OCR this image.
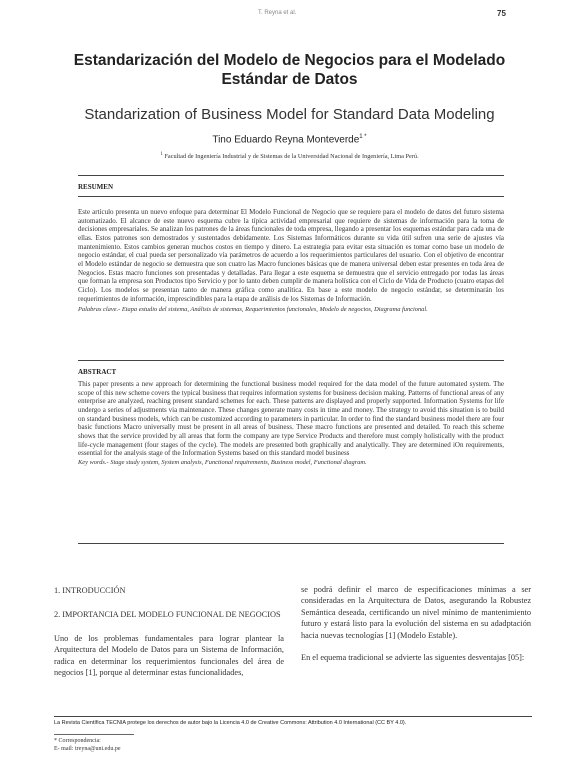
T. Reyna et al.	75
Estandarización del Modelo de Negocios para el Modelado
Estándar de Datos
Standarization of Business Model for Standard Data Modeling
Tino Eduardo Reyna Monteverde$^{1 *}$
$^1$ Facultad de Ingeniería Industrial y de Sistemas de la Universidad Nacional de Ingeniería, Lima Perú.
RESUMEN

Este artículo presenta un nuevo enfoque para determinar El Modelo Funcional de Negocio que se requiere para el modelo de datos del futuro sistema automatizado. El alcance de este nuevo esquema cubre la típica actividad empresarial que requiere de sistemas de información para la toma de decisiones empresariales. Se analizan los patrones de la áreas funcionales de toda empresa, llegando a presentar los esquemas estándar para cada una de ellas. Estos patrones son demostrados y sustentados debidamente. Los Sistemas Informáticos durante su vida útil sufren una serie de ajustes vía mantenimiento. Estos cambios generan muchos costos en tiempo y dinero. La estrategia para evitar esta situación es tomar como base un modelo de negocio estándar, el cual pueda ser personalizado vía parámetros de acuerdo a los requerimientos particulares del usuario. Con el objetivo de encontrar el Modelo estándar de negocio se demuestra que son cuatro las Macro funciones básicas que de manera universal deben estar presentes en toda área de Negocios. Estas macro funciones son presentadas y detalladas. Para llegar a este esquema se demuestra que el servicio entregado por todas las áreas que forman la empresa son Productos tipo Servicio y por lo tanto deben cumplir de manera holística con el Ciclo de Vida de Producto (cuatro etapas del Ciclo). Los modelos se presentan tanto de manera gráfica como analítica. En base a este modelo de negocio estándar, se determinarán los requerimientos de información, imprescindibles para la etapa de análisis de los Sistemas de Información.

Palabras clave.- Etapa estudio del sistema, Análisis de sistemas, Requerimientos funcionales, Modelo de negocios, Diagrama funcional.

ABSTRACT

This paper presents a new approach for determining the functional business model required for the data model of the future automated system. The scope of this new scheme covers the typical business that requires information systems for business decision making. Patterns of functional areas of any enterprise are analyzed, reaching present standard schemes for each. These patterns are displayed and properly supported. Information Systems for life undergo a series of adjustments via maintenance. These changes generate many costs in time and money. The strategy to avoid this situation is to build on standard business models, which can be customized according to parameters in particular. In order to find the standard business model there are four basic functions Macro universally must be present in all areas of business. These macro functions are presented and detailed. To reach this scheme shows that the service provided by all areas that form the company are type Service Products and therefore must comply holistically with the product life-cycle management (four stages of the cycle). The models are presented both graphically and analytically. They are determined iOn requirements, essential for the analysis stage of the Information Systems based on this standard model business

Key words.- Stage study system, System analysis, Functional requirements, Business model, Functional diagram.

1. INTRODUCCIÓN

2. IMPORTANCIA DEL MODELO FUNCIONAL DE NEGOCIOS

Uno de los problemas fundamentales para lograr plantear la Arquitectura del Modelo de Datos para un Sistema de Información, radica en determinar los requerimientos funcionales del área de negocios [1], porque al determinar estas funcionalidades,

se podrá definir el marco de especificaciones mínimas a ser consideradas en la Arquitectura de Datos, asegurando la Robustez Semántica deseada, certificando un nivel mínimo de mantenimiento futuro y estará listo para la evolución del sistema en su adadptación hacia nuevas tecnologías [1] (Modelo Estable).

En el equema tradicional se advierte las siguentes desventajas [05]:

La Revista Científica TECNIA protege los derechos de autor bajo la Licencia 4.0 de Creative Commons: Attribution 4.0 International (CC BY 4.0).
* Correspondencia:
E- mail: treyna@uni.edu.pe
